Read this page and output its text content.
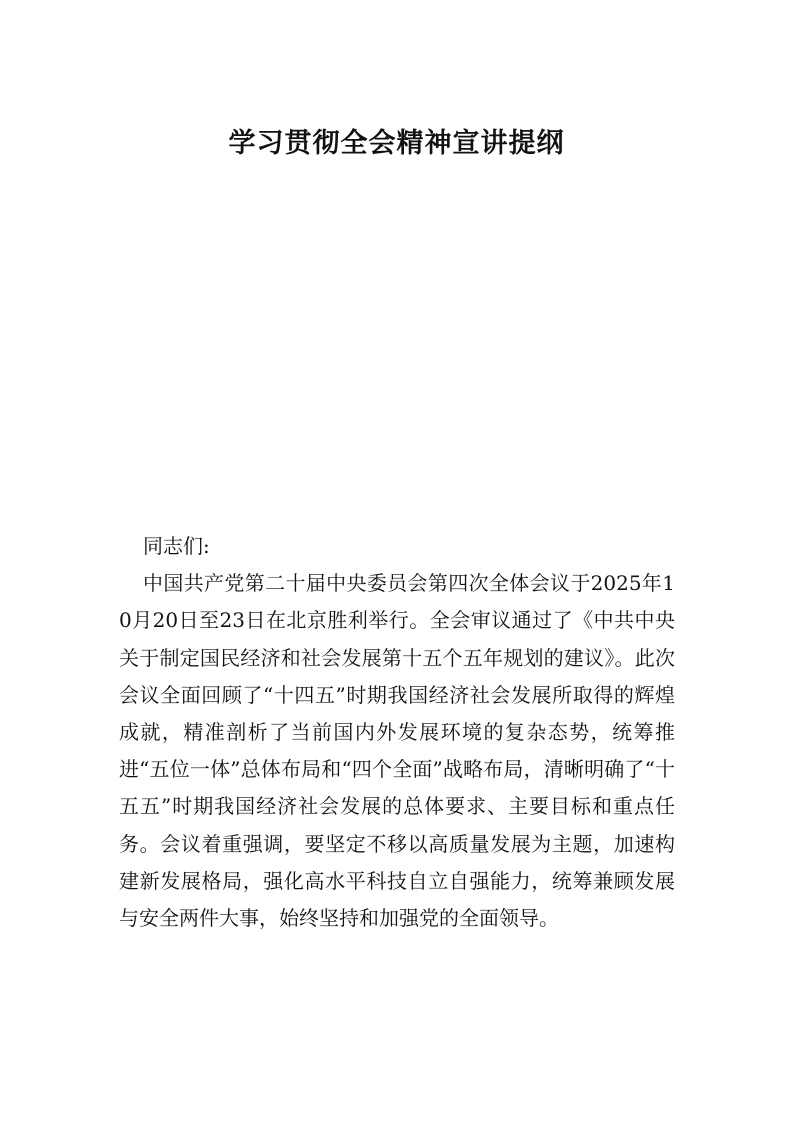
学习贯彻全会精神宣讲提纲

同志们:

中国共产党第二十届中央委员会第四次全体会议于2025年10月20日至23日在北京胜利举行。全会审议通过了《中共中央关于制定国民经济和社会发展第十五个五年规划的建议》。此次会议全面回顾了“十四五”时期我国经济社会发展所取得的辉煌成就，精准剖析了当前国内外发展环境的复杂态势，统筹推进“五位一体”总体布局和“四个全面”战略布局，清晰明确了“十五五”时期我国经济社会发展的总体要求、主要目标和重点任务。会议着重强调，要坚定不移以高质量发展为主题，加速构建新发展格局，强化高水平科技自立自强能力，统筹兼顾发展与安全两件大事，始终坚持和加强党的全面领导。
